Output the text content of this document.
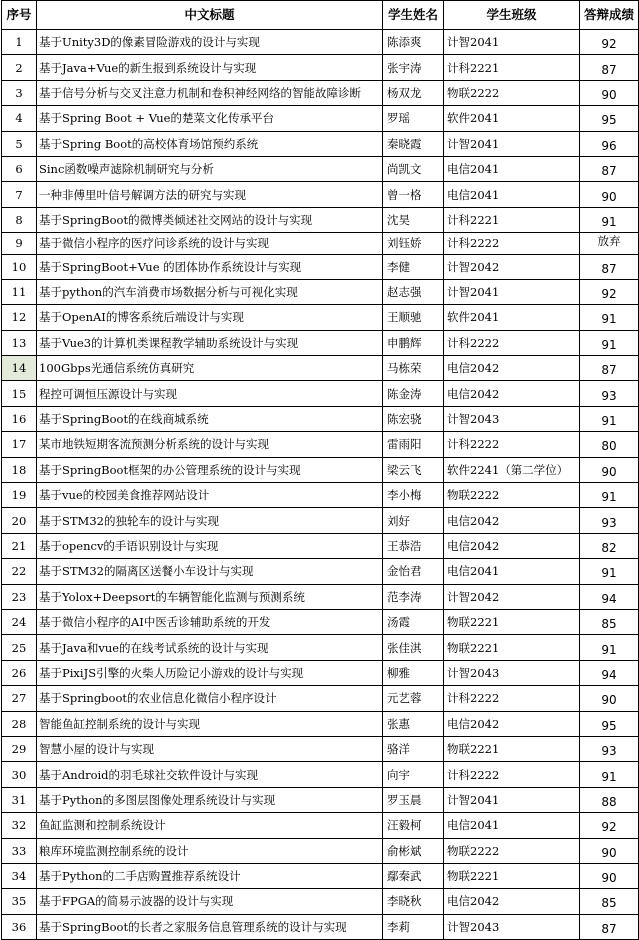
序号	中文标题	学生姓名	学生班级	答辩成绩
1	基于Unity3D的像素冒险游戏的设计与实现	陈添爽	计智2041	92
2	基于Java+Vue的新生报到系统设计与实现	张宇涛	计科2221	87
3	基于信号分析与交叉注意力机制和卷积神经网络的智能故障诊断	杨双龙	物联2222	90
4	基于Spring Boot + Vue的楚菜文化传承平台	罗瑶	软件2041	95
5	基于Spring Boot的高校体育场馆预约系统	秦晓霞	计智2041	96
6	Sinc函数噪声滤除机制研究与分析	尚凯文	电信2041	87
7	一种非傅里叶信号解调方法的研究与实现	曾一格	电信2041	90
8	基于SpringBoot的微博类倾述社交网站的设计与实现	沈昊	计科2221	91
9	基于微信小程序的医疗问诊系统的设计与实现	刘钰娇	计科2222	放弃
10	基于SpringBoot+Vue 的团体协作系统设计与实现	李健	计智2042	87
11	基于python的汽车消费市场数据分析与可视化实现	赵志强	计智2041	92
12	基于OpenAI的博客系统后端设计与实现	王顺驰	软件2041	91
13	基于Vue3的计算机类课程教学辅助系统设计与实现	申鹏辉	计科2222	91
14	100Gbps光通信系统仿真研究	马栋荣	电信2042	87
15	程控可调恒压源设计与实现	陈金涛	电信2042	93
16	基于SpringBoot的在线商城系统	陈宏骁	计智2043	91
17	某市地铁短期客流预测分析系统的设计与实现	雷雨阳	计科2222	80
18	基于SpringBoot框架的办公管理系统的设计与实现	梁云飞	软件2241（第二学位）	90
19	基于vue的校园美食推荐网站设计	李小梅	物联2222	91
20	基于STM32的独轮车的设计与实现	刘好	电信2042	93
21	基于opencv的手语识别设计与实现	王恭浩	电信2042	82
22	基于STM32的隔离区送餐小车设计与实现	金怡君	电信2041	91
23	基于Yolox+Deepsort的车辆智能化监测与预测系统	范李涛	计智2042	94
24	基于微信小程序的AI中医舌诊辅助系统的开发	汤霞	物联2221	85
25	基于Java和vue的在线考试系统的设计与实现	张佳淇	物联2221	91
26	基于PixiJS引擎的火柴人历险记小游戏的设计与实现	柳雅	计智2043	94
27	基于Springboot的农业信息化微信小程序设计	元艺蓉	计科2222	90
28	智能鱼缸控制系统的设计与实现	张惠	电信2042	95
29	智慧小屋的设计与实现	骆洋	物联2221	93
30	基于Android的羽毛球社交软件设计与实现	向宇	计科2222	91
31	基于Python的多图层图像处理系统设计与实现	罗玉晨	计智2041	88
32	鱼缸监测和控制系统设计	汪毅柯	电信2041	92
33	粮库环境监测控制系统的设计	俞彬斌	物联2222	90
34	基于Python的二手店购置推荐系统设计	鄢秦武	物联2221	90
35	基于FPGA的简易示波器的设计与实现	李晓秋	电信2042	85
36	基于SpringBoot的长者之家服务信息管理系统的设计与实现	李莉	计智2043	87
